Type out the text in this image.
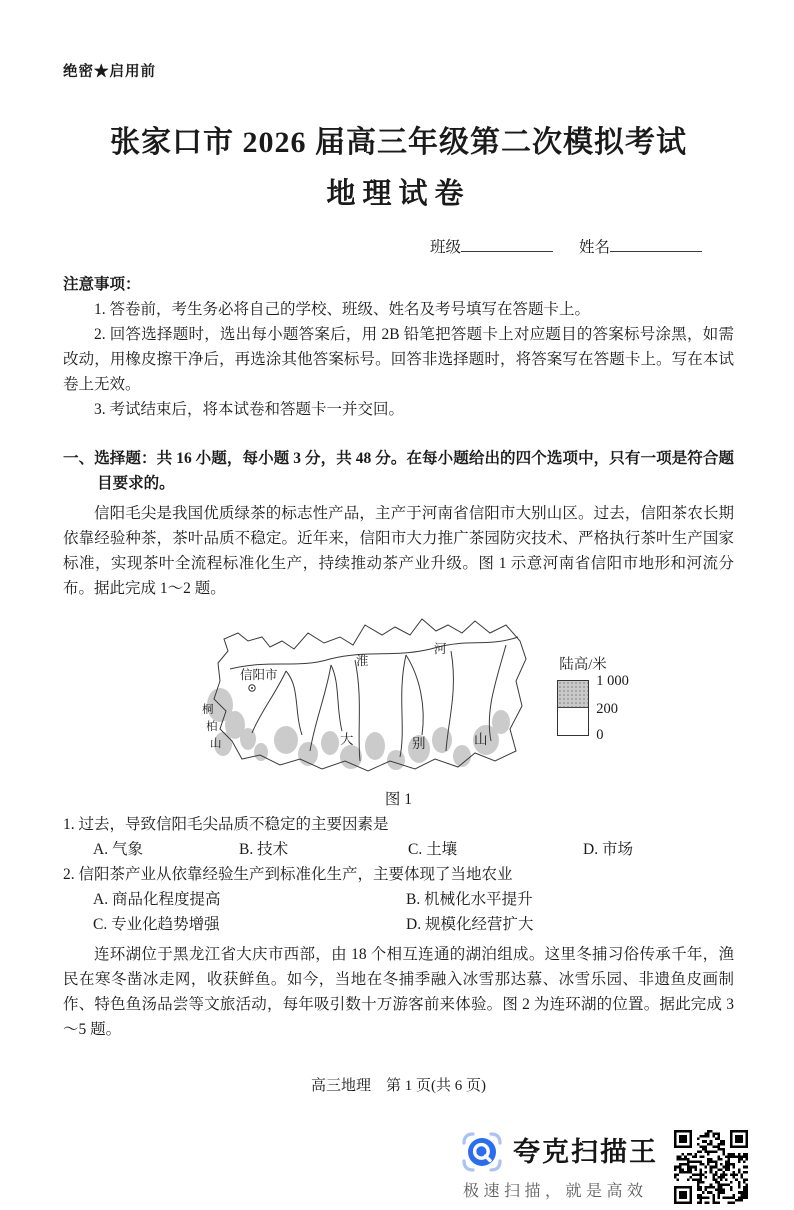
绝密★启用前
张家口市 2026 届高三年级第二次模拟考试
地理试卷
班级	姓名
注意事项：

1. 答卷前，考生务必将自己的学校、班级、姓名及考号填写在答题卡上。

2. 回答选择题时，选出每小题答案后，用 2B 铅笔把答题卡上对应题目的答案标号涂黑，如需改动，用橡皮擦干净后，再选涂其他答案标号。回答非选择题时，将答案写在答题卡上。写在本试卷上无效。

3. 考试结束后，将本试卷和答题卡一并交回。

一、选择题：共 16 小题，每小题 3 分，共 48 分。在每小题给出的四个选项中，只有一项是符合题目要求的。

信阳毛尖是我国优质绿茶的标志性产品，主产于河南省信阳市大别山区。过去，信阳茶农长期依靠经验种茶，茶叶品质不稳定。近年来，信阳市大力推广茶园防灾技术、严格执行茶叶生产国家标准，实现茶叶全流程标准化生产，持续推动茶产业升级。图 1 示意河南省信阳市地形和河流分布。据此完成 1～2 题。

信阳市
淮
河
桐
柏
山	大	别	山
陆高/米
1 000
200
0
图 1
1. 过去，导致信阳毛尖品质不稳定的主要因素是
A. 气象	B. 技术	C. 土壤	D. 市场
2. 信阳茶产业从依靠经验生产到标准化生产，主要体现了当地农业
A. 商品化程度提高	B. 机械化水平提升
C. 专业化趋势增强	D. 规模化经营扩大

连环湖位于黑龙江省大庆市西部，由 18 个相互连通的湖泊组成。这里冬捕习俗传承千年，渔民在寒冬凿冰走网，收获鲜鱼。如今，当地在冬捕季融入冰雪那达慕、冰雪乐园、非遗鱼皮画制作、特色鱼汤品尝等文旅活动，每年吸引数十万游客前来体验。图 2 为连环湖的位置。据此完成 3～5 题。

高三地理　第 1 页(共 6 页)
夸克扫描王
极速扫描，就是高效
